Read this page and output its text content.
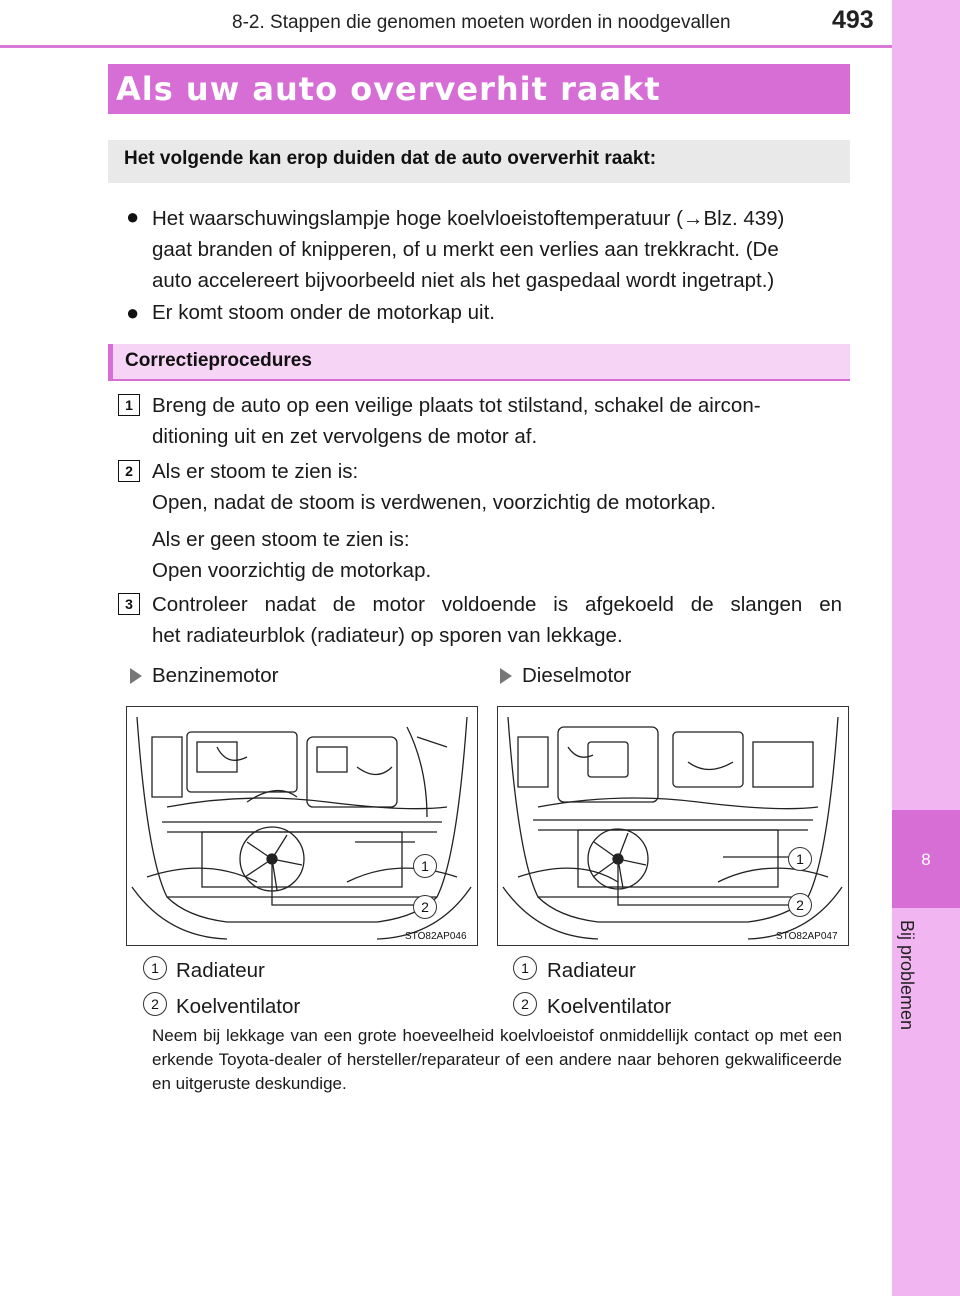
8-2. Stappen die genomen moeten worden in noodgevallen	493
8
Bij problemen
Als uw auto oververhit raakt
Het volgende kan erop duiden dat de auto oververhit raakt:
● Het waarschuwingslampje hoge koelvloeistoftemperatuur (→Blz. 439)
gaat branden of knipperen, of u merkt een verlies aan trekkracht. (De
auto accelereert bijvoorbeeld niet als het gaspedaal wordt ingetrapt.)
● Er komt stoom onder de motorkap uit.
Correctieprocedures
1 Breng de auto op een veilige plaats tot stilstand, schakel de aircon-
ditioning uit en zet vervolgens de motor af.
2 Als er stoom te zien is:
Open, nadat de stoom is verdwenen, voorzichtig de motorkap.
Als er geen stoom te zien is:
Open voorzichtig de motorkap.
3 Controleer nadat de motor voldoende is afgekoeld de slangen en
het radiateurblok (radiateur) op sporen van lekkage.
Benzinemotor	Dieselmotor
1
2
STO82AP046
1
2
STO82AP047
1 Radiateur
2 Koelventilator
1 Radiateur
2 Koelventilator
Neem bij lekkage van een grote hoeveelheid koelvloeistof onmiddellijk contact op met een erkende Toyota-dealer of hersteller/reparateur of een andere naar behoren gekwalificeerde en uitgeruste deskundige.
